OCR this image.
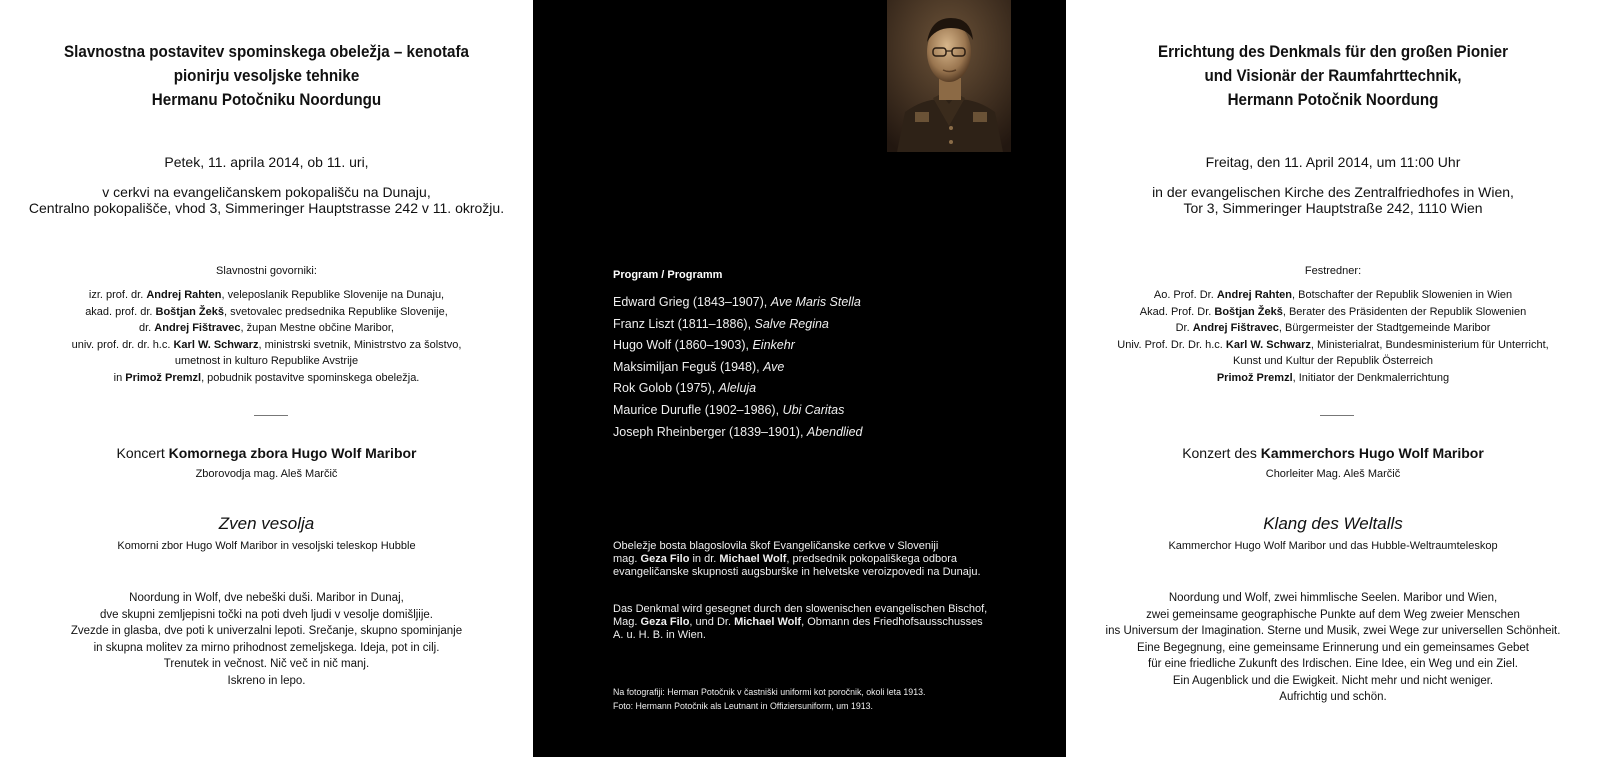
Slavnostna postavitev spominskega obeležja – kenotafa
pionirju vesoljske tehnike
Hermanu Potočniku Noordungu
Petek, 11. aprila 2014, ob 11. uri,
v cerkvi na evangeličanskem pokopališču na Dunaju,
Centralno pokopališče, vhod 3, Simmeringer Hauptstrasse 242 v 11. okrožju.
Slavnostni govorniki:
izr. prof. dr. Andrej Rahten, veleposlanik Republike Slovenije na Dunaju,
akad. prof. dr. Boštjan Žekš, svetovalec predsednika Republike Slovenije,
dr. Andrej Fištravec, župan Mestne občine Maribor,
univ. prof. dr. dr. h.c. Karl W. Schwarz, ministrski svetnik, Ministrstvo za šolstvo,
umetnost in kulturo Republike Avstrije
in Primož Premzl, pobudnik postavitve spominskega obeležja.
Koncert Komornega zbora Hugo Wolf Maribor
Zborovodja mag. Aleš Marčič
Zven vesolja
Komorni zbor Hugo Wolf Maribor in vesoljski teleskop Hubble
Noordung in Wolf, dve nebeški duši. Maribor in Dunaj,
dve skupni zemljepisni točki na poti dveh ljudi v vesolje domišljije.
Zvezde in glasba, dve poti k univerzalni lepoti. Srečanje, skupno spominjanje
in skupna molitev za mirno prihodnost zemeljskega. Ideja, pot in cilj.
Trenutek in večnost. Nič več in nič manj.
Iskreno in lepo.
Program / Programm
Edward Grieg (1843–1907), Ave Maris Stella
Franz Liszt (1811–1886), Salve Regina
Hugo Wolf (1860–1903), Einkehr
Maksimiljan Feguš (1948), Ave
Rok Golob (1975), Aleluja
Maurice Durufle (1902–1986), Ubi Caritas
Joseph Rheinberger (1839–1901), Abendlied
Obeležje bosta blagoslovila škof Evangeličanske cerkve v Sloveniji
mag. Geza Filo in dr. Michael Wolf, predsednik pokopališkega odbora
evangeličanske skupnosti augsburške in helvetske veroizpovedi na Dunaju.
Das Denkmal wird gesegnet durch den slowenischen evangelischen Bischof,
Mag. Geza Filo, und Dr. Michael Wolf, Obmann des Friedhofsausschusses
A. u. H. B. in Wien.
Na fotografiji: Herman Potočnik v častniški uniformi kot poročnik, okoli leta 1913.
Foto: Hermann Potočnik als Leutnant in Offiziersuniform, um 1913.
Errichtung des Denkmals für den großen Pionier
und Visionär der Raumfahrttechnik,
Hermann Potočnik Noordung
Freitag, den 11. April 2014, um 11:00 Uhr
in der evangelischen Kirche des Zentralfriedhofes in Wien,
Tor 3, Simmeringer Hauptstraße 242, 1110 Wien
Festredner:
Ao. Prof. Dr. Andrej Rahten, Botschafter der Republik Slowenien in Wien
Akad. Prof. Dr. Boštjan Žekš, Berater des Präsidenten der Republik Slowenien
Dr. Andrej Fištravec, Bürgermeister der Stadtgemeinde Maribor
Univ. Prof. Dr. Dr. h.c. Karl W. Schwarz, Ministerialrat, Bundesministerium für Unterricht,
Kunst und Kultur der Republik Österreich
Primož Premzl, Initiator der Denkmalerrichtung
Konzert des Kammerchors Hugo Wolf Maribor
Chorleiter Mag. Aleš Marčič
Klang des Weltalls
Kammerchor Hugo Wolf Maribor und das Hubble-Weltraumteleskop
Noordung und Wolf, zwei himmlische Seelen. Maribor und Wien,
zwei gemeinsame geographische Punkte auf dem Weg zweier Menschen
ins Universum der Imagination. Sterne und Musik, zwei Wege zur universellen Schönheit.
Eine Begegnung, eine gemeinsame Erinnerung und ein gemeinsames Gebet
für eine friedliche Zukunft des Irdischen. Eine Idee, ein Weg und ein Ziel.
Ein Augenblick und die Ewigkeit. Nicht mehr und nicht weniger.
Aufrichtig und schön.
